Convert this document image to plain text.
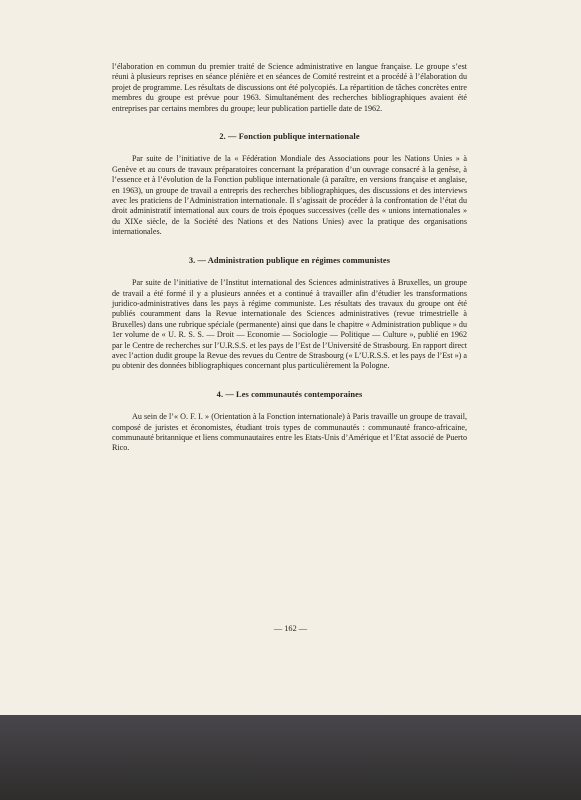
l’élaboration en commun du premier traité de Science administrative en langue française. Le groupe s’est réuni à plusieurs reprises en séance plénière et en séances de Comité restreint et a procédé à l’élaboration du projet de programme. Les résultats de discussions ont été polycopiés. La répartition de tâches concrètes entre membres du groupe est prévue pour 1963. Simultanément des recherches bibliographiques avaient été entreprises par certains membres du groupe; leur publication partielle date de 1962.

2. — Fonction publique internationale

Par suite de l’initiative de la « Fédération Mondiale des Associations pour les Nations Unies » à Genève et au cours de travaux préparatoires concernant la préparation d’un ouvrage consacré à la genèse, à l’essence et à l’évolution de la Fonction publique internationale (à paraître, en versions française et anglaise, en 1963), un groupe de travail a entrepris des recherches bibliographiques, des discussions et des interviews avec les praticiens de l’Administration internationale. Il s’agissait de procéder à la confrontation de l’état du droit administratif international aux cours de trois époques successives (celle des « unions internationales » du XIXe siècle, de la Société des Nations et des Nations Unies) avec la pratique des organisations internationales.

3. — Administration publique en régimes communistes

Par suite de l’initiative de l’Institut international des Sciences administratives à Bruxelles, un groupe de travail a été formé il y a plusieurs années et a continué à travailler afin d’étudier les transformations juridico-administratives dans les pays à régime communiste. Les résultats des travaux du groupe ont été publiés couramment dans la Revue internationale des Sciences administratives (revue trimestrielle à Bruxelles) dans une rubrique spéciale (permanente) ainsi que dans le chapitre « Administration publique » du 1er volume de « U. R. S. S. — Droit — Economie — Sociologie — Politique — Culture », publié en 1962 par le Centre de recherches sur l’U.R.S.S. et les pays de l’Est de l’Université de Strasbourg. En rapport direct avec l’action dudit groupe la Revue des revues du Centre de Strasbourg (« L’U.R.S.S. et les pays de l’Est ») a pu obtenir des données bibliographiques concernant plus particulièrement la Pologne.

4. — Les communautés contemporaines

Au sein de l’« O. F. I. » (Orientation à la Fonction internationale) à Paris travaille un groupe de travail, composé de juristes et économistes, étudiant trois types de communautés : communauté franco-africaine, communauté britannique et liens communautaires entre les Etats-Unis d’Amérique et l’Etat associé de Puerto Rico.

— 162 —
